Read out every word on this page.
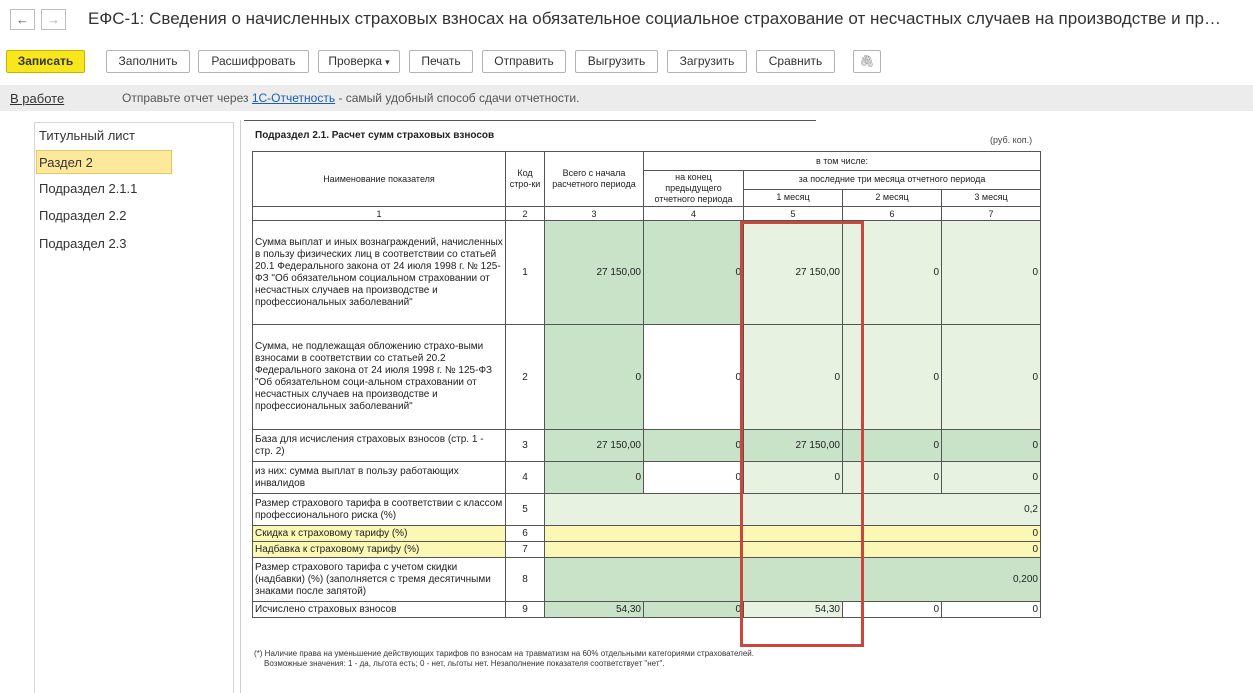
←	→	ЕФС-1: Сведения о начисленных страховых взносах на обязательное социальное страхование от несчастных случаев на производстве и пр…
Записать	Заполнить	Расшифровать	Проверка ▾	Печать	Отправить	Выгрузить	Загрузить	Сравнить	🖇
В работе	Отправьте отчет через 1С-Отчетность - самый удобный способ сдачи отчетности.
Титульный лист
Раздел 2
Подраздел 2.1.1
Подраздел 2.2
Подраздел 2.3
Подраздел 2.1. Расчет сумм страховых взносов	(руб. коп.)
Наименование показателя	Код стро-ки	Всего с начала расчетного периода	в том числе:			
			на конец предыдущего отчетного периода	за последние три месяца отчетного периода		
				1 месяц	2 месяц	3 месяц
1	2	3	4	5	6	7
Сумма выплат и иных вознаграждений, начисленных в пользу физических лиц в соответствии со статьей 20.1 Федерального закона от 24 июля 1998 г. № 125-ФЗ "Об обязательном социальном страховании от несчастных случаев на производстве и профессиональных заболеваний"	1	27 150,00	0	27 150,00	0	0
Сумма, не подлежащая обложению страхо-выми взносами в соответствии со статьей 20.2 Федерального закона от 24 июля 1998 г. № 125-ФЗ "Об обязательном соци-альном страховании от несчастных случаев на производстве и профессиональных заболеваний"	2	0	0	0	0	0
База для исчисления страховых взносов (стр. 1 - стр. 2)	3	27 150,00	0	27 150,00	0	0
из них: сумма выплат в пользу работающих инвалидов	4	0	0	0	0	0
Размер страхового тарифа в соответствии с классом профессионального риска (%)	5	0,2				
Скидка к страховому тарифу (%)	6	0				
Надбавка к страховому тарифу (%)	7	0				
Размер страхового тарифа с учетом скидки (надбавки) (%) (заполняется с тремя десятичными знаками после запятой)	8	0,200				
Исчислено страховых взносов	9	54,30	0	54,30	0	0
(*) Наличие права на уменьшение действующих тарифов по взносам на травматизм на 60% отдельными категориями страхователей.
Возможные значения: 1 - да, льгота есть; 0 - нет, льготы нет. Незаполнение показателя соответствует "нет".
